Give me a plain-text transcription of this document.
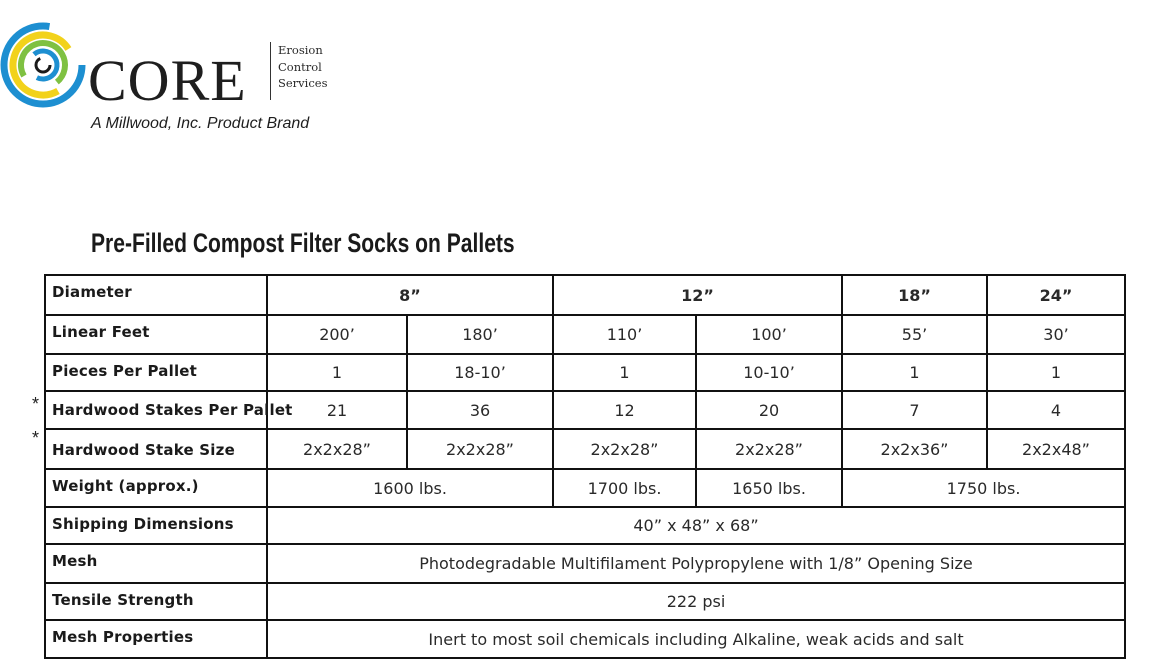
CORE	Erosion
Control
Services
A Millwood, Inc. Product Brand
Pre-Filled Compost Filter Socks on Pallets
*
*
Diameter	8”		12”		18”	24”
Linear Feet	200’	180’	110’	100’	55’	30’
Pieces Per Pallet	1	18-10’	1	10-10’	1	1
Hardwood Stakes Per Pallet	21	36	12	20	7	4
Hardwood Stake Size	2x2x28”	2x2x28”	2x2x28”	2x2x28”	2x2x36”	2x2x48”
Weight (approx.)	1600 lbs.		1700 lbs.	1650 lbs.	1750 lbs.	
Shipping Dimensions	40” x 48” x 68”					
Mesh	Photodegradable Multifilament Polypropylene with 1/8” Opening Size					
Tensile Strength	222 psi					
Mesh Properties	Inert to most soil chemicals including Alkaline, weak acids and salt					
